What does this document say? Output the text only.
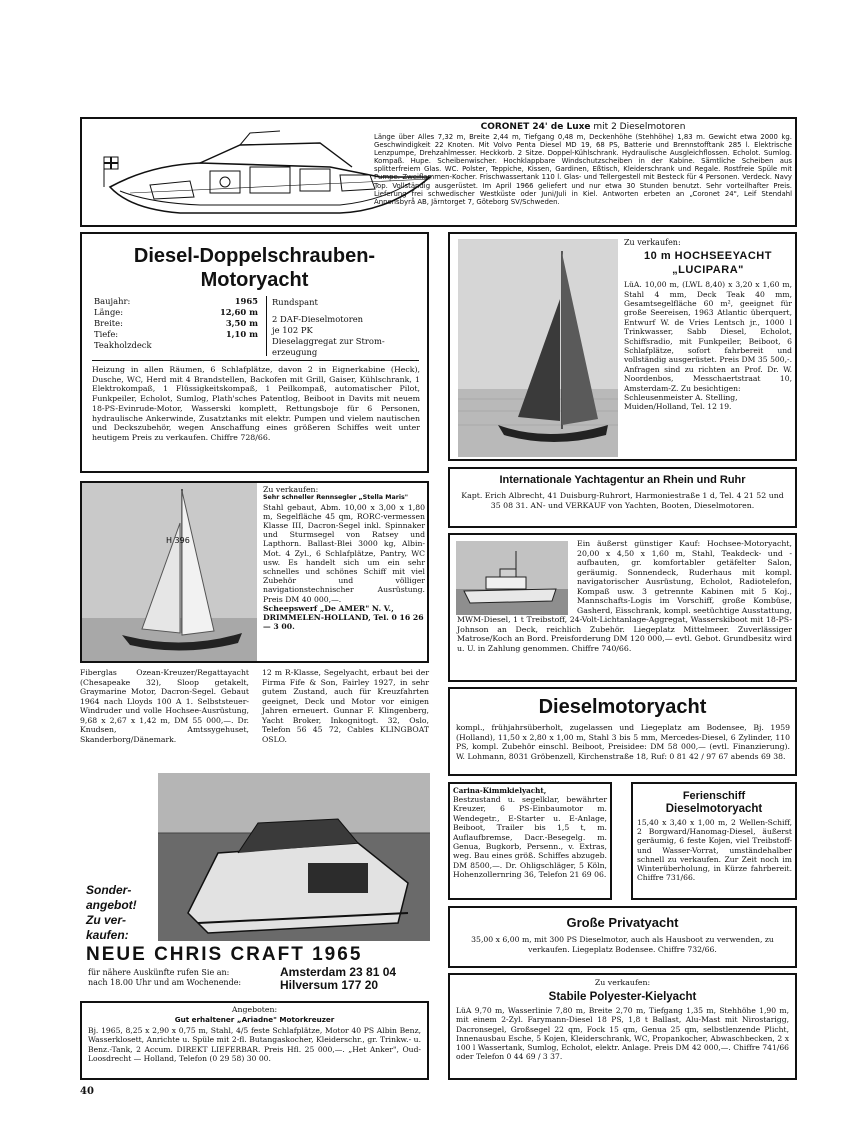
CORONET 24' de Luxe mit 2 Dieselmotoren

Länge über Alles 7,32 m, Breite 2,44 m, Tiefgang 0,48 m, Deckenhöhe (Stehhöhe) 1,83 m. Gewicht etwa 2000 kg. Geschwindigkeit 22 Knoten. Mit Volvo Penta Diesel MD 19, 68 PS, Batterie und Brennstofftank 285 l. Elektrische Lenzpumpe, Drehzahlmesser. Heckkorb. 2 Sitze. Doppel-Kühlschrank. Hydraulische Ausgleichflossen. Echolot. Sumlog. Kompaß. Hupe. Scheibenwischer. Hochklappbare Windschutzscheiben in der Kabine. Sämtliche Scheiben aus splitterfreiem Glas. WC. Polster, Teppiche, Kissen, Gardinen, Eßtisch, Kleiderschrank und Regale. Rostfreie Spüle mit Pumpe. Zweiflammen-Kocher. Frischwassertank 110 l. Glas- und Tellergestell mit Besteck für 4 Personen. Verdeck. Navy Top. Vollständig ausgerüstet. Im April 1966 geliefert und nur etwa 30 Stunden benutzt. Sehr vorteilhafter Preis. Lieferung frei schwedischer Westküste oder Juni/Juli in Kiel. Antworten erbeten an „Coronet 24", Leif Stendahl Annonsbyrå AB, Järntorget 7, Göteborg SV/Schweden.

Diesel-Doppelschrauben-
Motoryacht
Baujahr:	1965
Länge:	12,60 m
Breite:	3,50 m
Tiefe:	1,10 m
Teakholzdeck	
Rundspant
2 DAF-Dieselmotoren
je 102 PK
Dieselaggregat zur Strom-
erzeugung

Heizung in allen Räumen, 6 Schlafplätze, davon 2 in Eignerkabine (Heck), Dusche, WC, Herd mit 4 Brandstellen, Backofen mit Grill, Gaiser, Kühlschrank, 1 Elektrokompaß, 1 Flüssigkeitskompaß, 1 Peilkompaß, automatischer Pilot, Funkpeiler, Echolot, Sumlog, Plath'sches Patentlog, Beiboot in Davits mit neuem 18-PS-Evinrude-Motor, Wasserski komplett, Rettungsboje für 6 Personen, hydraulische Ankerwinde, Zusatztanks mit elektr. Pumpen und vielem nautischen und Deckszubehör, wegen Anschaffung eines größeren Schiffes weit unter heutigem Preis zu verkaufen. Chiffre 728/66.

Zu verkaufen:

10 m HOCHSEEYACHT

„LUCIPARA"

LüA. 10,00 m, (LWL 8,40) x 3,20 x 1,60 m, Stahl 4 mm, Deck Teak 40 mm, Gesamtsegelfläche 60 m², geeignet für große Seereisen, 1963 Atlantic überquert, Entwurf W. de Vries Lentsch jr., 1000 l Trinkwasser, Sabb Diesel, Echolot, Schiffsradio, mit Funkpeiler, Beiboot, 6 Schlafplätze, sofort fahrbereit und vollständig ausgerüstet. Preis DM 35 500,-. Anfragen sind zu richten an Prof. Dr. W. Noordenbos, Messchaertstraat 10, Amsterdam-Z. Zu besichtigen:

Schleusenmeister A. Stelling, Muiden/Holland, Tel. 12 19.

Internationale Yachtagentur an Rhein und Ruhr

Kapt. Erich Albrecht, 41 Duisburg-Ruhrort, Harmoniestraße 1 d, Tel. 4 21 52 und 35 08 31. AN- und VERKAUF von Yachten, Booten, Dieselmotoren.

H 396

Zu verkaufen:

Sehr schneller Rennsegler „Stella Maris"

Stahl gebaut, Abm. 10,00 x 3,00 x 1,80 m, Segelfläche 45 qm, RORC-vermessen Klasse III, Dacron-Segel inkl. Spinnaker und Sturmsegel von Ratsey und Lapthorn. Ballast-Blei 3000 kg, Albin-Mot. 4 Zyl., 6 Schlafplätze, Pantry, WC usw. Es handelt sich um ein sehr schnelles und schönes Schiff mit viel Zubehör und völliger navigationstechnischer Ausrüstung. Preis DM 40 000,—.

Scheepswerf „De AMER" N. V., DRIMMELEN-HOLLAND, Tel. 0 16 26 — 3 00.

Ein äußerst günstiger Kauf: Hochsee-Motoryacht, 20,00 x 4,50 x 1,60 m, Stahl, Teakdeck- und -aufbauten, gr. komfortabler getäfelter Salon, geräumig. Sonnendeck, Ruderhaus mit kompl. navigatorischer Ausrüstung, Echolot, Radiotelefon, Kompaß usw. 3 getrennte Kabinen mit 5 Koj., Mannschafts-Logis im Vorschiff, große Kombüse, Gasherd, Eisschrank, kompl. seetüchtige Ausstattung, MWM-Diesel, 1 t Treibstoff, 24-Volt-Lichtanlage-Aggregat, Wasserskiboot mit 18-PS-Johnson an Deck, reichlich Zubehör. Liegeplatz Mittelmeer. Zuverlässiger Matrose/Koch an Bord. Preisforderung DM 120 000,— evtl. Gebot. Grundbesitz wird u. U. in Zahlung genommen. Chiffre 740/66.

Dieselmotoryacht

kompl., frühjahrsüberholt, zugelassen und Liegeplatz am Bodensee, Bj. 1959 (Holland), 11,50 x 2,80 x 1,00 m, Stahl 3 bis 5 mm, Mercedes-Diesel, 6 Zylinder, 110 PS, kompl. Zubehör einschl. Beiboot, Preisidee: DM 58 000,— (evtl. Finanzierung). W. Lohmann, 8031 Gröbenzell, Kirchenstraße 18, Ruf: 0 81 42 / 97 67 abends 69 38.

Fiberglas Ozean-Kreuzer/Regattayacht (Chesapeake 32), Sloop getakelt, Graymarine Motor, Dacron-Segel. Gebaut 1964 nach Lloyds 100 A 1. Selbststeuer-Windruder und volle Hochsee-Ausrüstung, 9,68 x 2,67 x 1,42 m, DM 55 000,—. Dr. Knudsen, Amtssygehuset, Skanderborg/Dänemark.

12 m R-Klasse, Segelyacht, erbaut bei der Firma Fife & Son, Fairley 1927, in sehr gutem Zustand, auch für Kreuzfahrten geeignet, Deck und Motor vor einigen Jahren erneuert. Gunnar F. Klingenberg, Yacht Broker, Inkognitogt. 32, Oslo, Telefon 56 45 72, Cables KLINGBOAT OSLO.

Sonder-
angebot!
Zu ver-
kaufen:

NEUE CHRIS CRAFT 1965

für nähere Auskünfte rufen Sie an:

nach 18.00 Uhr und am Wochenende:

Amsterdam 23 81 04
Hilversum 177 20

Carina-Kimmkielyacht,

Bestzustand u. segelklar, bewährter Kreuzer, 6 PS-Einbaumotor m. Wendegetr., E-Starter u. E-Anlage, Beiboot, Trailer bis 1,5 t, m. Auflaufbremse, Dacr.-Besegelg. m. Genua, Bugkorb, Persenn., v. Extras, weg. Bau eines größ. Schiffes abzugeb. DM 8500,—. Dr. Ohligschläger, 5 Köln, Hohenzollernring 36, Telefon 21 69 06.

Ferienschiff

Dieselmotoryacht

15,40 x 3,40 x 1,00 m, 2 Wellen-Schiff, 2 Borgward/Hanomag-Diesel, äußerst geräumig, 6 feste Kojen, viel Treibstoff- und Wasser-Vorrat, umständehalber schnell zu verkaufen. Zur Zeit noch im Winterüberholung, in Kürze fahrbereit. Chiffre 731/66.

Große Privatyacht

35,00 x 6,00 m, mit 300 PS Dieselmotor, auch als Hausboot zu verwenden, zu verkaufen. Liegeplatz Bodensee. Chiffre 732/66.

Angeboten:

Gut erhaltener „Ariadne" Motorkreuzer

Bj. 1965, 8,25 x 2,90 x 0,75 m, Stahl, 4/5 feste Schlafplätze, Motor 40 PS Albin Benz, Wasserklosett, Anrichte u. Spüle mit 2-fl. Butangaskocher, Kleiderschr., gr. Trinkw.- u. Benz.-Tank, 2 Accum. DIREKT LIEFERBAR. Preis Hfl. 25 000,—. „Het Anker", Oud-Loosdrecht — Holland, Telefon (0 29 58) 30 00.

Zu verkaufen:

Stabile Polyester-Kielyacht

LüA 9,70 m, Wasserlinie 7,80 m, Breite 2,70 m, Tiefgang 1,35 m, Stehhöhe 1,90 m, mit einem 2-Zyl. Farymann-Diesel 18 PS, 1,8 t Ballast, Alu-Mast mit Nirostarigg, Dacronsegel, Großsegel 22 qm, Fock 15 qm, Genua 25 qm, selbstlenzende Plicht, Innenausbau Esche, 5 Kojen, Kleiderschrank, WC, Propankocher, Abwaschbecken, 2 x 100 l Wassertank, Sumlog, Echolot, elektr. Anlage. Preis DM 42 000,—. Chiffre 741/66 oder Telefon 0 44 69 / 3 37.

40
